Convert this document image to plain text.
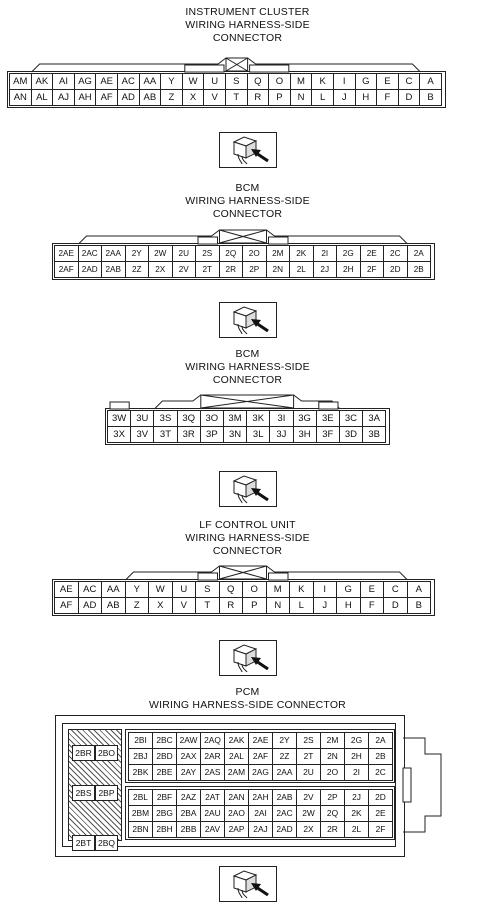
INSTRUMENT CLUSTER
WIRING HARNESS-SIDE
CONNECTOR
AM AK	AI	AG AE AC AA	Y	W	U	S	Q	O	M	K	I	G	E	C	A
AN AL	AJ AH AF AD AB	Z	X	V	T	R	P	N	L	J	H	F	D	B
BCM
WIRING HARNESS-SIDE
CONNECTOR
2AE 2AC 2AA	2Y	2W	2U	2S	2Q	2O	2M	2K	2I	2G	2E	2C	2A
2AF 2AD 2AB	2Z	2X	2V	2T	2R	2P	2N	2L	2J	2H	2F	2D	2B
BCM
WIRING HARNESS-SIDE
CONNECTOR
3W	3U	3S	3Q	3O	3M	3K	3I	3G	3E	3C	3A
3X	3V	3T	3R	3P	3N	3L	3J	3H	3F	3D	3B
LF CONTROL UNIT
WIRING HARNESS-SIDE
CONNECTOR
AE	AC	AA	Y	W	U	S	Q	O	M	K	I	G	E	C	A
AF	AD	AB	Z	X	V	T	R	P	N	L	J	H	F	D	B
PCM
WIRING HARNESS-SIDE CONNECTOR
2BR 2BO
2BS 2BP
2BT 2BQ
2BI	2BC 2AW 2AQ 2AK 2AE	2Y	2S	2M	2G	2A
2BJ	2BD 2AX 2AR	2AL	2AF	2Z	2T	2N	2H	2B
2BK 2BE	2AY	2AS 2AM 2AG 2AA	2U	2O	2I	2C
2BL	2BF	2AZ	2AT	2AN 2AH 2AB	2V	2P	2J	2D
2BM 2BG 2BA 2AU 2AO	2AI	2AC	2W	2Q	2K	2E
2BN 2BH 2BB	2AV	2AP	2AJ	2AD	2X	2R	2L	2F
